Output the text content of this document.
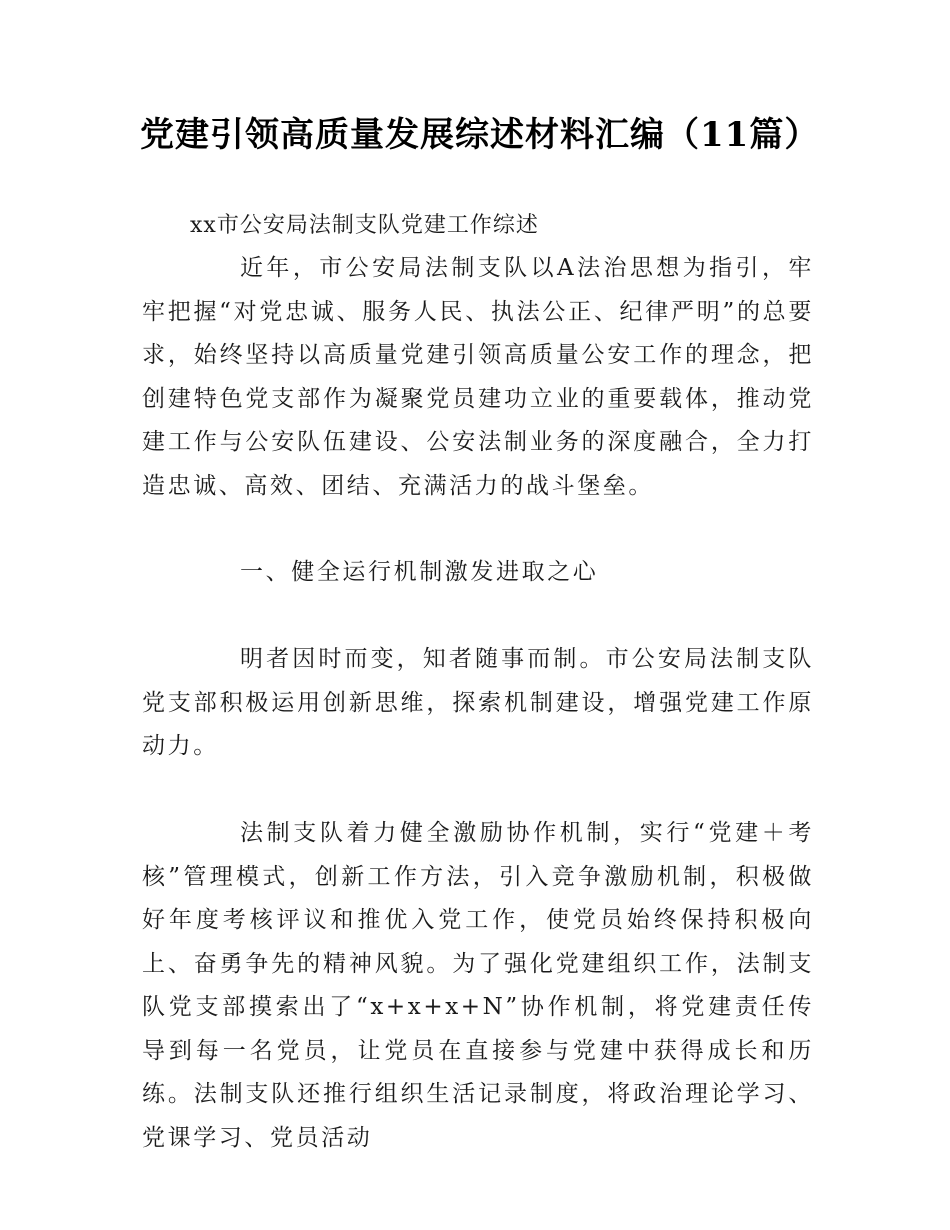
党建引领高质量发展综述材料汇编（11篇）
xx市公安局法制支队党建工作综述

近年，市公安局法制支队以A法治思想为指引，牢牢把握“对党忠诚、服务人民、执法公正、纪律严明”的总要求，始终坚持以高质量党建引领高质量公安工作的理念，把创建特色党支部作为凝聚党员建功立业的重要载体，推动党建工作与公安队伍建设、公安法制业务的深度融合，全力打造忠诚、高效、团结、充满活力的战斗堡垒。

一、健全运行机制激发进取之心

明者因时而变，知者随事而制。市公安局法制支队党支部积极运用创新思维，探索机制建设，增强党建工作原动力。

法制支队着力健全激励协作机制，实行“党建＋考核”管理模式，创新工作方法，引入竞争激励机制，积极做好年度考核评议和推优入党工作，使党员始终保持积极向上、奋勇争先的精神风貌。为了强化党建组织工作，法制支队党支部摸索出了“x+x+x+N”协作机制，将党建责任传导到每一名党员，让党员在直接参与党建中获得成长和历练。法制支队还推行组织生活记录制度，将政治理论学习、党课学习、党员活动
